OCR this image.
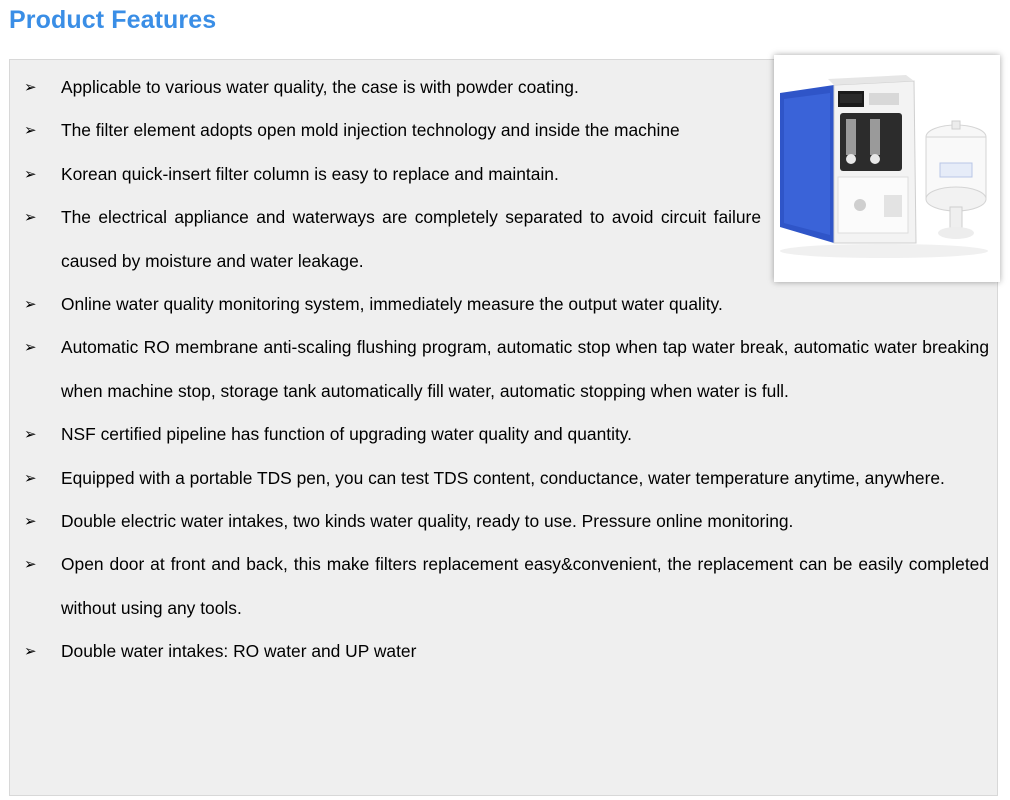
Product Features
➢ Applicable to various water quality, the case is with powder coating.
➢ The filter element adopts open mold injection technology and inside the machine
➢ Korean quick-insert filter column is easy to replace and maintain.
➢ The electrical appliance and waterways are completely separated to avoid circuit failure caused by moisture and water leakage.
➢ Online water quality monitoring system, immediately measure the output water quality.
➢ Automatic RO membrane anti-scaling flushing program, automatic stop when tap water break, automatic water breaking when machine stop, storage tank automatically fill water, automatic stopping when water is full.
➢ NSF certified pipeline has function of upgrading water quality and quantity.
➢ Equipped with a portable TDS pen, you can test TDS content, conductance, water temperature anytime, anywhere.
➢ Double electric water intakes, two kinds water quality, ready to use. Pressure online monitoring.
➢ Open door at front and back, this make filters replacement easy&convenient, the replacement can be easily completed without using any tools.
➢ Double water intakes: RO water and UP water
